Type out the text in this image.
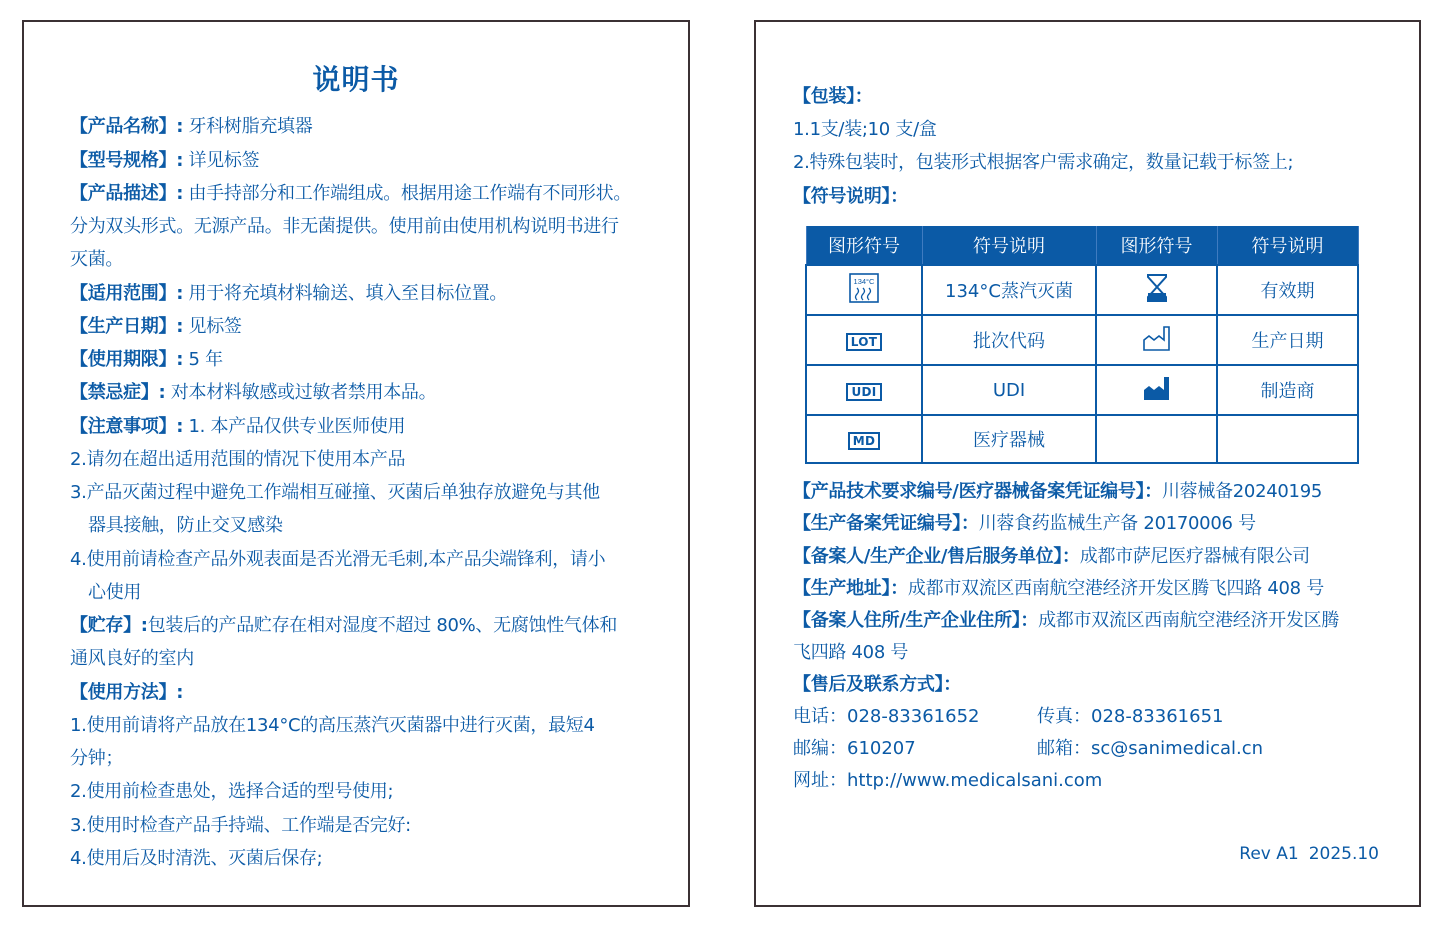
说明书
【产品名称】: 牙科树脂充填器
【型号规格】: 详见标签
【产品描述】: 由手持部分和工作端组成。根据用途工作端有不同形状。
分为双头形式。无源产品。非无菌提供。使用前由使用机构说明书进行
灭菌。
【适用范围】: 用于将充填材料输送、填入至目标位置。
【生产日期】: 见标签
【使用期限】: 5 年
【禁忌症】: 对本材料敏感或过敏者禁用本品。
【注意事项】: 1. 本产品仅供专业医师使用
2.请勿在超出适用范围的情况下使用本产品
3.产品灭菌过程中避免工作端相互碰撞、灭菌后单独存放避免与其他
器具接触，防止交叉感染
4.使用前请检查产品外观表面是否光滑无毛刺,本产品尖端锋利，请小
心使用
【贮存】:包装后的产品贮存在相对湿度不超过 80%、无腐蚀性气体和
通风良好的室内
【使用方法】:
1.使用前请将产品放在134°C的高压蒸汽灭菌器中进行灭菌，最短4
分钟；
2.使用前检查患处，选择合适的型号使用;
3.使用时检查产品手持端、工作端是否完好:
4.使用后及时清洗、灭菌后保存;
【包装】：
1.1支/装;10 支/盒
2.特殊包装时，包装形式根据客户需求确定，数量记载于标签上;
【符号说明】：
图形符号	符号说明	图形符号	符号说明

134°C	134°C蒸汽灭菌		有效期
LOT	批次代码		生产日期
UDI	UDI		制造商
MD	医疗器械		
【产品技术要求编号/医疗器械备案凭证编号】：川蓉械备20240195
【生产备案凭证编号】：川蓉食药监械生产备 20170006 号
【备案人/生产企业/售后服务单位】：成都市萨尼医疗器械有限公司
【生产地址】：成都市双流区西南航空港经济开发区腾飞四路 408 号
【备案人住所/生产企业住所】：成都市双流区西南航空港经济开发区腾
飞四路 408 号
【售后及联系方式】：
电话：028-83361652	传真：028-83361651
邮编：610207	邮箱：sc@sanimedical.cn
网址：http://www.medicalsani.com
Rev A1 2025.10
